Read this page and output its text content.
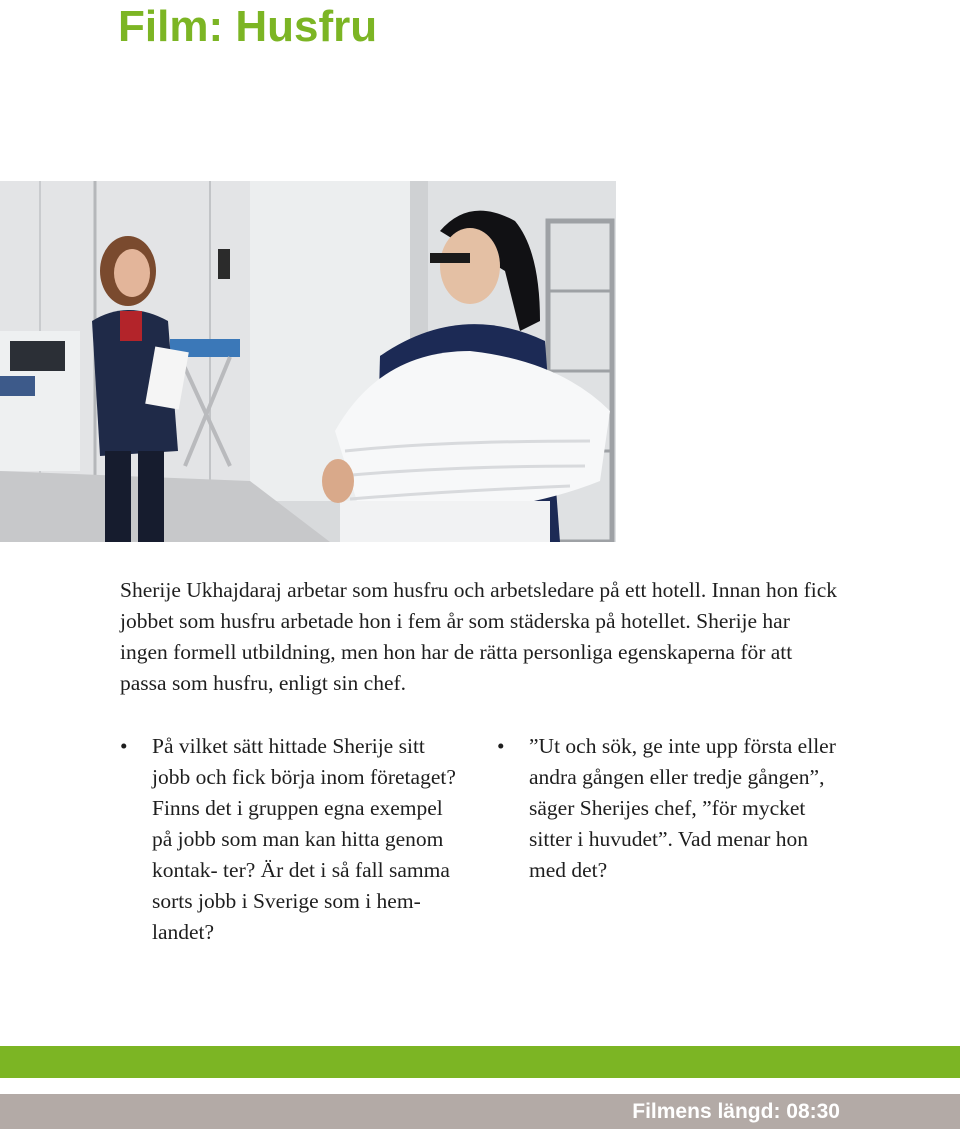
Film: Husfru

Sherije Ukhajdaraj arbetar som husfru och arbetsledare på ett hotell. Innan hon fick jobbet som husfru arbetade hon i fem år som städerska på hotellet. Sherije har ingen formell utbildning, men hon har de rätta personliga egenskaperna för att passa som husfru, enligt sin chef.

• På vilket sätt hittade Sherije sitt jobb och fick börja inom företaget? Finns det i gruppen egna exempel på jobb som man kan hitta genom kontak- ter? Är det i så fall samma sorts jobb i Sverige som i hem- landet?
• ”Ut och sök, ge inte upp första eller andra gången eller tredje gången”, säger Sherijes chef, ”för mycket sitter i huvudet”. Vad menar hon med det?
Filmens längd: 08:30
